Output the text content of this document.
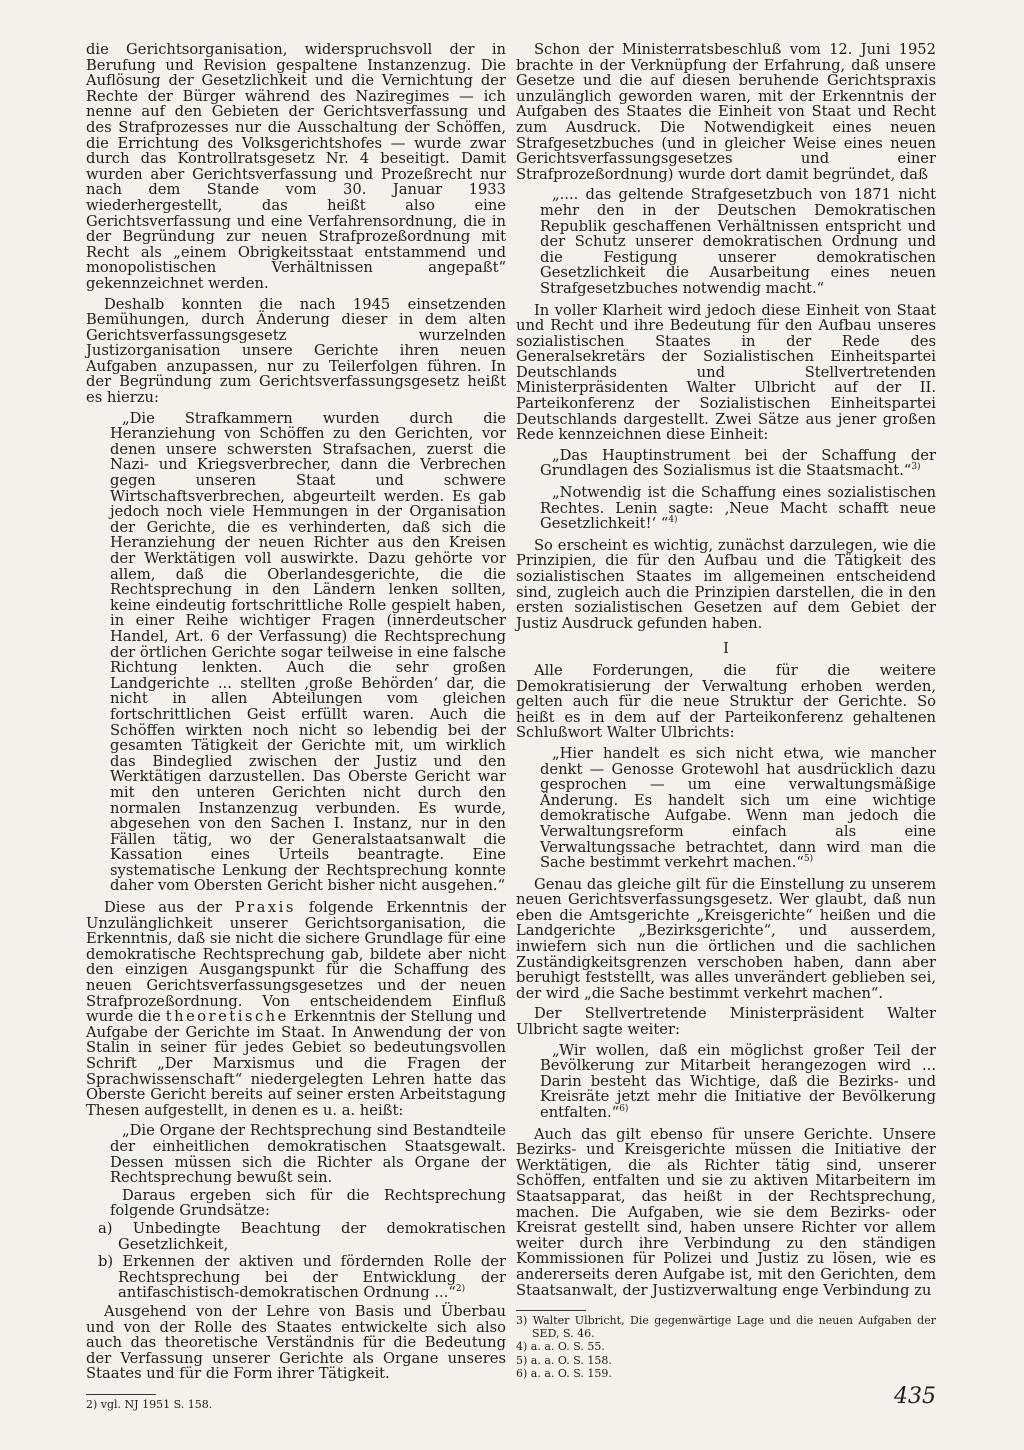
die Gerichtsorganisation, widerspruchsvoll der in Berufung und Revision gespaltene Instanzenzug. Die Auflösung der Gesetzlichkeit und die Vernichtung der Rechte der Bürger während des Naziregimes — ich nenne auf den Gebieten der Gerichtsverfassung und des Strafprozesses nur die Ausschaltung der Schöffen, die Errichtung des Volksgerichtshofes — wurde zwar durch das Kontrollratsgesetz Nr. 4 beseitigt. Damit wurden aber Gerichtsverfassung und Prozeßrecht nur nach dem Stande vom 30. Januar 1933 wiederhergestellt, das heißt also eine Gerichtsverfassung und eine Verfahrensordnung, die in der Begründung zur neuen Strafprozeßordnung mit Recht als „einem Obrigkeitsstaat entstammend und monopolistischen Verhältnissen angepaßt“ gekennzeichnet werden.

Deshalb konnten die nach 1945 einsetzenden Bemühungen, durch Änderung dieser in dem alten Gerichtsverfassungsgesetz wurzelnden Justizorganisation unsere Gerichte ihren neuen Aufgaben anzupassen, nur zu Teilerfolgen führen. In der Begründung zum Gerichtsverfassungsgesetz heißt es hierzu:

„Die Strafkammern wurden durch die Heranziehung von Schöffen zu den Gerichten, vor denen unsere schwersten Strafsachen, zuerst die Nazi- und Kriegsverbrecher, dann die Verbrechen gegen unseren Staat und schwere Wirtschaftsverbrechen, abgeurteilt werden. Es gab jedoch noch viele Hemmungen in der Organisation der Gerichte, die es verhinderten, daß sich die Heranziehung der neuen Richter aus den Kreisen der Werktätigen voll auswirkte. Dazu gehörte vor allem, daß die Oberlandesgerichte, die die Rechtsprechung in den Ländern lenken sollten, keine eindeutig fortschrittliche Rolle gespielt haben, in einer Reihe wichtiger Fragen (innerdeutscher Handel, Art. 6 der Verfassung) die Rechtsprechung der örtlichen Gerichte sogar teilweise in eine falsche Richtung lenkten. Auch die sehr großen Landgerichte ... stellten ‚große Behörden‘ dar, die nicht in allen Abteilungen vom gleichen fortschrittlichen Geist erfüllt waren. Auch die Schöffen wirkten noch nicht so lebendig bei der gesamten Tätigkeit der Gerichte mit, um wirklich das Bindeglied zwischen der Justiz und den Werktätigen darzustellen. Das Oberste Gericht war mit den unteren Gerichten nicht durch den normalen Instanzenzug verbunden. Es wurde, abgesehen von den Sachen I. Instanz, nur in den Fällen tätig, wo der Generalstaatsanwalt die Kassation eines Urteils beantragte. Eine systematische Lenkung der Rechtsprechung konnte daher vom Obersten Gericht bisher nicht ausgehen.“

Diese aus der Praxis folgende Erkenntnis der Unzulänglichkeit unserer Gerichtsorganisation, die Erkenntnis, daß sie nicht die sichere Grundlage für eine demokratische Rechtsprechung gab, bildete aber nicht den einzigen Ausgangspunkt für die Schaffung des neuen Gerichtsverfassungsgesetzes und der neuen Strafprozeßordnung. Von entscheidendem Einfluß wurde die theoretische Erkenntnis der Stellung und Aufgabe der Gerichte im Staat. In Anwendung der von Stalin in seiner für jedes Gebiet so bedeutungsvollen Schrift „Der Marxismus und die Fragen der Sprachwissenschaft“ niedergelegten Lehren hatte das Oberste Gericht bereits auf seiner ersten Arbeitstagung Thesen aufgestellt, in denen es u. a. heißt:

„Die Organe der Rechtsprechung sind Bestandteile der einheitlichen demokratischen Staatsgewalt. Dessen müssen sich die Richter als Organe der Rechtsprechung bewußt sein.

Daraus ergeben sich für die Rechtsprechung folgende Grundsätze:

a) Unbedingte Beachtung der demokratischen Gesetzlichkeit,

b) Erkennen der aktiven und fördernden Rolle der Rechtsprechung bei der Entwicklung der antifaschistisch-demokratischen Ordnung ...“$^{2)}$

Ausgehend von der Lehre von Basis und Überbau und von der Rolle des Staates entwickelte sich also auch das theoretische Verständnis für die Bedeutung der Verfassung unserer Gerichte als Organe unseres Staates und für die Form ihrer Tätigkeit.

2) vgl. NJ 1951 S. 158.

Schon der Ministerratsbeschluß vom 12. Juni 1952 brachte in der Verknüpfung der Erfahrung, daß unsere Gesetze und die auf diesen beruhende Gerichtspraxis unzulänglich geworden waren, mit der Erkenntnis der Aufgaben des Staates die Einheit von Staat und Recht zum Ausdruck. Die Notwendigkeit eines neuen Strafgesetzbuches (und in gleicher Weise eines neuen Gerichtsverfassungsgesetzes und einer Strafprozeßordnung) wurde dort damit begründet, daß

„.... das geltende Strafgesetzbuch von 1871 nicht mehr den in der Deutschen Demokratischen Republik geschaffenen Verhältnissen entspricht und der Schutz unserer demokratischen Ordnung und die Festigung unserer demokratischen Gesetzlichkeit die Ausarbeitung eines neuen Strafgesetzbuches notwendig macht.“

In voller Klarheit wird jedoch diese Einheit von Staat und Recht und ihre Bedeutung für den Aufbau unseres sozialistischen Staates in der Rede des Generalsekretärs der Sozialistischen Einheitspartei Deutschlands und Stellvertretenden Ministerpräsidenten Walter Ulbricht auf der II. Parteikonferenz der Sozialistischen Einheitspartei Deutschlands dargestellt. Zwei Sätze aus jener großen Rede kennzeichnen diese Einheit:

„Das Hauptinstrument bei der Schaffung der Grundlagen des Sozialismus ist die Staatsmacht.“$^{3)}$

„Notwendig ist die Schaffung eines sozialistischen Rechtes. Lenin sagte: ‚Neue Macht schafft neue Gesetzlichkeit!‘ “$^{4)}$

So erscheint es wichtig, zunächst darzulegen, wie die Prinzipien, die für den Aufbau und die Tätigkeit des sozialistischen Staates im allgemeinen entscheidend sind, zugleich auch die Prinzipien darstellen, die in den ersten sozialistischen Gesetzen auf dem Gebiet der Justiz Ausdruck gefunden haben.

I

Alle Forderungen, die für die weitere Demokratisierung der Verwaltung erhoben werden, gelten auch für die neue Struktur der Gerichte. So heißt es in dem auf der Parteikonferenz gehaltenen Schlußwort Walter Ulbrichts:

„Hier handelt es sich nicht etwa, wie mancher denkt — Genosse Grotewohl hat ausdrücklich dazu gesprochen — um eine verwaltungsmäßige Änderung. Es handelt sich um eine wichtige demokratische Aufgabe. Wenn man jedoch die Verwaltungsreform einfach als eine Verwaltungssache betrachtet, dann wird man die Sache bestimmt verkehrt machen.“$^{5)}$

Genau das gleiche gilt für die Einstellung zu unserem neuen Gerichtsverfassungsgesetz. Wer glaubt, daß nun eben die Amtsgerichte „Kreisgerichte“ heißen und die Landgerichte „Bezirksgerichte“, und ausserdem, inwiefern sich nun die örtlichen und die sachlichen Zuständigkeitsgrenzen verschoben haben, dann aber beruhigt feststellt, was alles unverändert geblieben sei, der wird „die Sache bestimmt verkehrt machen“.

Der Stellvertretende Ministerpräsident Walter Ulbricht sagte weiter:

„Wir wollen, daß ein möglichst großer Teil der Bevölkerung zur Mitarbeit herangezogen wird ... Darin besteht das Wichtige, daß die Bezirks- und Kreisräte jetzt mehr die Initiative der Bevölkerung entfalten.“$^{6)}$

Auch das gilt ebenso für unsere Gerichte. Unsere Bezirks- und Kreisgerichte müssen die Initiative der Werktätigen, die als Richter tätig sind, unserer Schöffen, entfalten und sie zu aktiven Mitarbeitern im Staatsapparat, das heißt in der Rechtsprechung, machen. Die Aufgaben, wie sie dem Bezirks- oder Kreisrat gestellt sind, haben unsere Richter vor allem weiter durch ihre Verbindung zu den ständigen Kommissionen für Polizei und Justiz zu lösen, wie es andererseits deren Aufgabe ist, mit den Gerichten, dem Staatsanwalt, der Justizverwaltung enge Verbindung zu

3) Walter Ulbricht, Die gegenwärtige Lage und die neuen Aufgaben der SED, S. 46.

4) a. a. O. S. 55.

5) a. a. O. S. 158.

6) a. a. O. S. 159.

435
